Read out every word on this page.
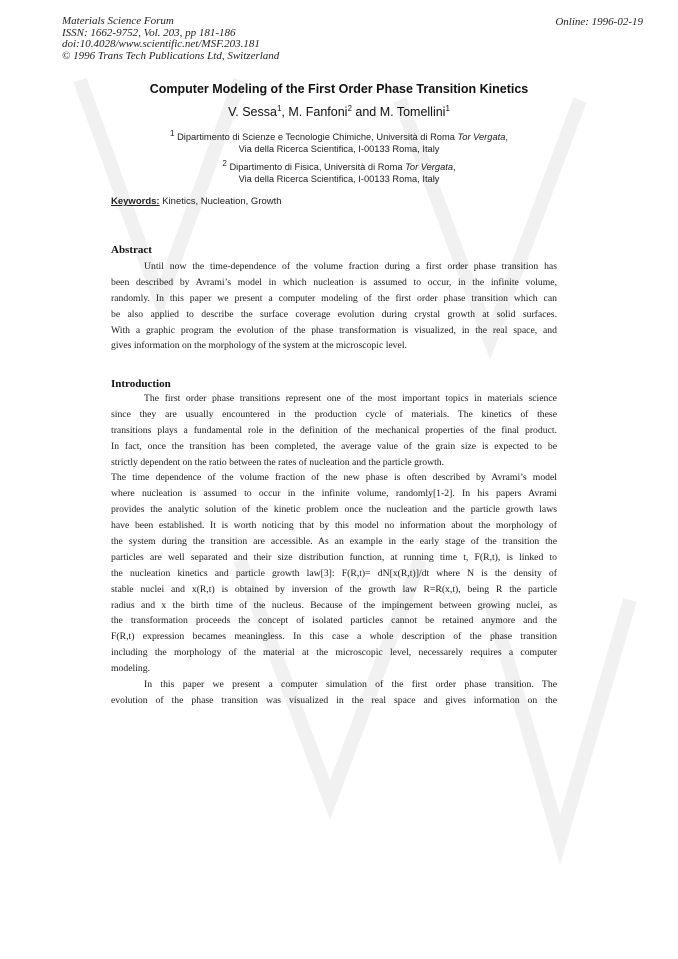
Materials Science Forum
ISSN: 1662-9752, Vol. 203, pp 181-186
doi:10.4028/www.scientific.net/MSF.203.181
© 1996 Trans Tech Publications Ltd, Switzerland
Online: 1996-02-19
Computer Modeling of the First Order Phase Transition Kinetics
V. Sessa$^1$, M. Fanfoni$^2$ and M. Tomellini$^1$
$^1$ Dipartimento di Scienze e Tecnologie Chimiche, Università di Roma Tor Vergata,
Via della Ricerca Scientifica, I-00133 Roma, Italy
$^2$ Dipartimento di Fisica, Università di Roma Tor Vergata,
Via della Ricerca Scientifica, I-00133 Roma, Italy
Keywords: Kinetics, Nucleation, Growth
Abstract
Until now the time-dependence of the volume fraction during a first order phase transition has
been described by Avrami’s model in which nucleation is assumed to occur, in the infinite volume,
randomly. In this paper we present a computer modeling of the first order phase transition which can
be also applied to describe the surface coverage evolution during crystal growth at solid surfaces.
With a graphic program the evolution of the phase transformation is visualized, in the real space, and
gives information on the morphology of the system at the microscopic level.
Introduction
The first order phase transitions represent one of the most important topics in materials science
since they are usually encountered in the production cycle of materials. The kinetics of these
transitions plays a fundamental role in the definition of the mechanical properties of the final product.
In fact, once the transition has been completed, the average value of the grain size is expected to be
strictly dependent on the ratio between the rates of nucleation and the particle growth.
The time dependence of the volume fraction of the new phase is often described by Avrami’s model
where nucleation is assumed to occur in the infinite volume, randomly[1-2]. In his papers Avrami
provides the analytic solution of the kinetic problem once the nucleation and the particle growth laws
have been established. It is worth noticing that by this model no information about the morphology of
the system during the transition are accessible. As an example in the early stage of the transition the
particles are well separated and their size distribution function, at running time t, F(R,t), is linked to
the nucleation kinetics and particle growth law[3]: F(R,t)= dN[x(R,t)]/dt where N is the density of
stable nuclei and x(R,t) is obtained by inversion of the growth law R=R(x,t), being R the particle
radius and x the birth time of the nucleus. Because of the impingement between growing nuclei, as
the transformation proceeds the concept of isolated particles cannot be retained anymore and the
F(R,t) expression becames meaningless. In this case a whole description of the phase transition
including the morphology of the material at the microscopic level, necessarely requires a computer
modeling.
In this paper we present a computer simulation of the first order phase transition. The
evolution of the phase transition was visualized in the real space and gives information on the
